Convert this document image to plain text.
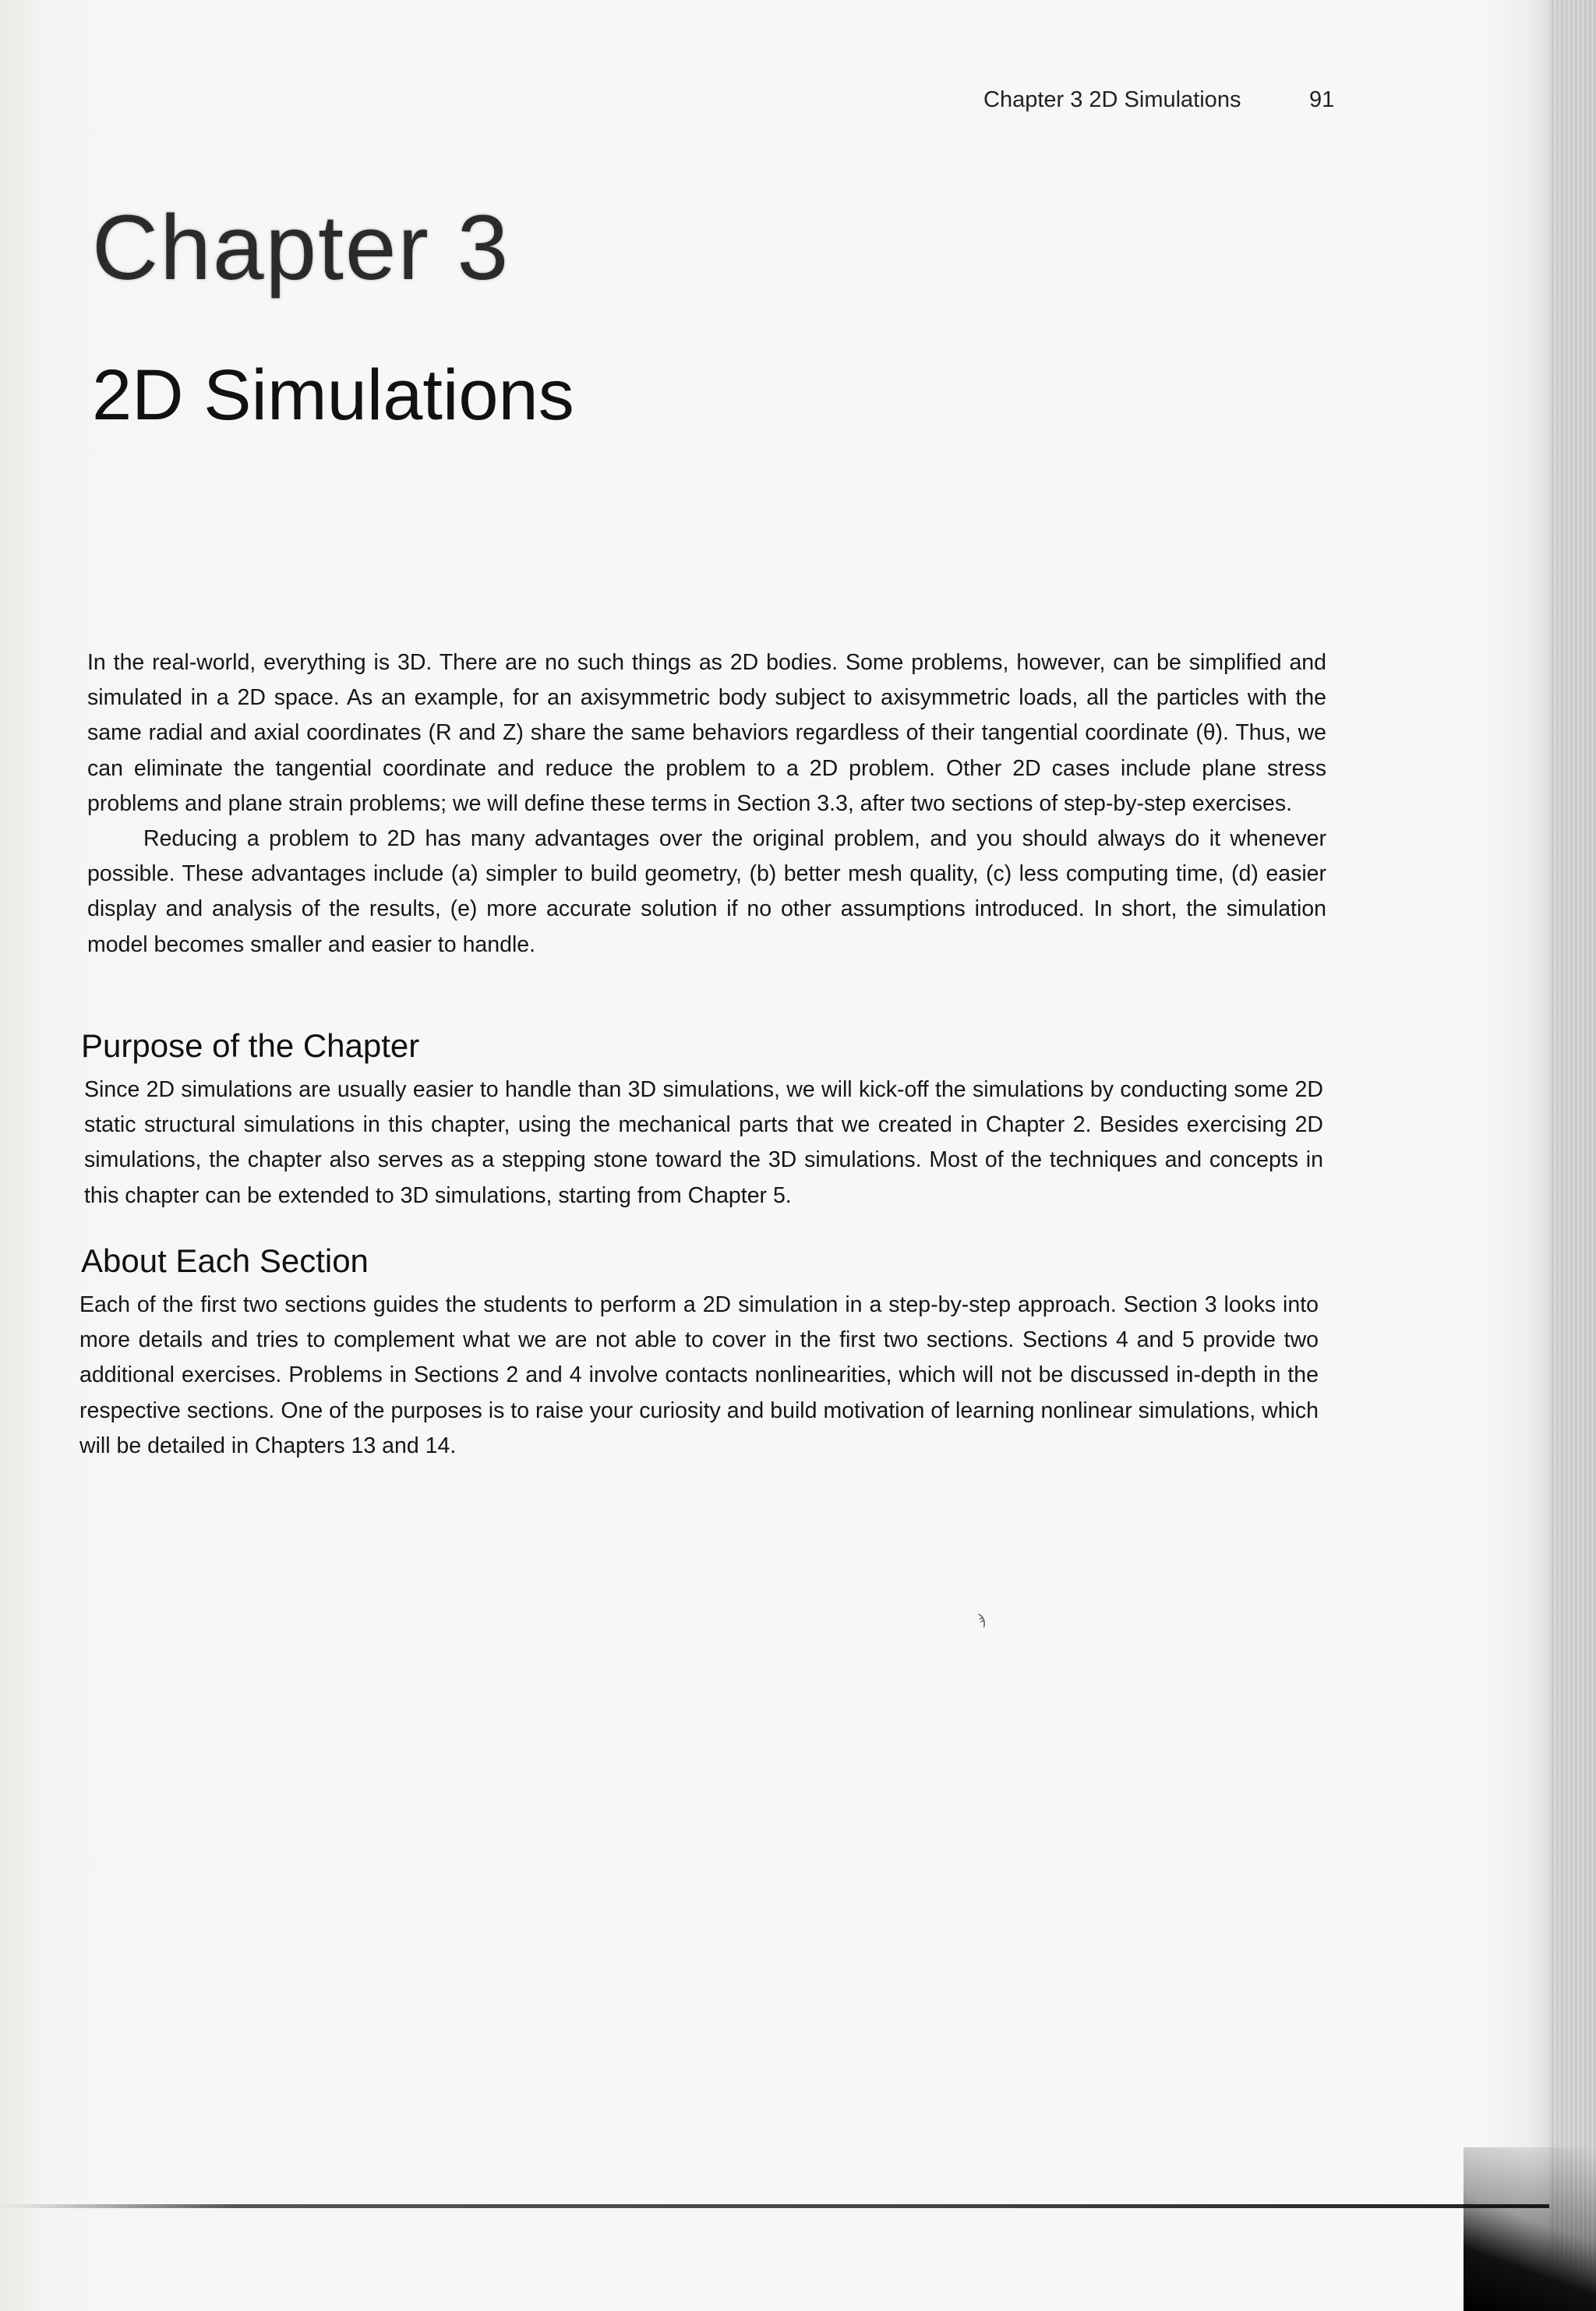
Chapter 3 2D Simulations	91
Chapter 3
2D Simulations

In the real-world, everything is 3D. There are no such things as 2D bodies. Some problems, however, can be simplified and simulated in a 2D space. As an example, for an axisymmetric body subject to axisymmetric loads, all the particles with the same radial and axial coordinates (R and Z) share the same behaviors regardless of their tangential coordinate (θ). Thus, we can eliminate the tangential coordinate and reduce the problem to a 2D problem. Other 2D cases include plane stress problems and plane strain problems; we will define these terms in Section 3.3, after two sections of step-by-step exercises.

Reducing a problem to 2D has many advantages over the original problem, and you should always do it whenever possible. These advantages include (a) simpler to build geometry, (b) better mesh quality, (c) less computing time, (d) easier display and analysis of the results, (e) more accurate solution if no other assumptions introduced. In short, the simulation model becomes smaller and easier to handle.

Purpose of the Chapter

Since 2D simulations are usually easier to handle than 3D simulations, we will kick-off the simulations by conducting some 2D static structural simulations in this chapter, using the mechanical parts that we created in Chapter 2. Besides exercising 2D simulations, the chapter also serves as a stepping stone toward the 3D simulations. Most of the techniques and concepts in this chapter can be extended to 3D simulations, starting from Chapter 5.

About Each Section

Each of the first two sections guides the students to perform a 2D simulation in a step-by-step approach. Section 3 looks into more details and tries to complement what we are not able to cover in the first two sections. Sections 4 and 5 provide two additional exercises. Problems in Sections 2 and 4 involve contacts nonlinearities, which will not be discussed in-depth in the respective sections. One of the purposes is to raise your curiosity and build motivation of learning nonlinear simulations, which will be detailed in Chapters 13 and 14.

ϡ
